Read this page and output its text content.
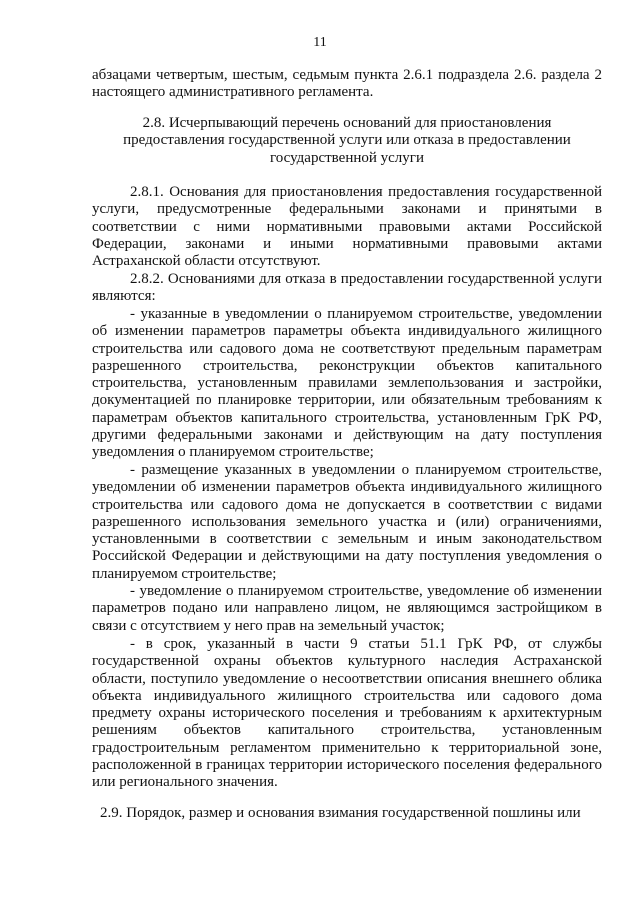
11

абзацами четвертым, шестым, седьмым пункта 2.6.1 подраздела 2.6. раздела 2 настоящего административного регламента.

2.8. Исчерпывающий перечень оснований для приостановления предоставления государственной услуги или отказа в предоставлении государственной услуги

2.8.1. Основания для приостановления предоставления государственной услуги, предусмотренные федеральными законами и принятыми в соответствии с ними нормативными правовыми актами Российской Федерации, законами и иными нормативными правовыми актами Астраханской области отсутствуют.

2.8.2. Основаниями для отказа в предоставлении государственной услуги являются:

- указанные в уведомлении о планируемом строительстве, уведомлении об изменении параметров параметры объекта индивидуального жилищного строительства или садового дома не соответствуют предельным параметрам разрешенного строительства, реконструкции объектов капитального строительства, установленным правилами землепользования и застройки, документацией по планировке территории, или обязательным требованиям к параметрам объектов капитального строительства, установленным ГрК РФ, другими федеральными законами и действующим на дату поступления уведомления о планируемом строительстве;

- размещение указанных в уведомлении о планируемом строительстве, уведомлении об изменении параметров объекта индивидуального жилищного строительства или садового дома не допускается в соответствии с видами разрешенного использования земельного участка и (или) ограничениями, установленными в соответствии с земельным и иным законодательством Российской Федерации и действующими на дату поступления уведомления о планируемом строительстве;

- уведомление о планируемом строительстве, уведомление об изменении параметров подано или направлено лицом, не являющимся застройщиком в связи с отсутствием у него прав на земельный участок;

- в срок, указанный в части 9 статьи 51.1 ГрК РФ, от службы государственной охраны объектов культурного наследия Астраханской области, поступило уведомление о несоответствии описания внешнего облика объекта индивидуального жилищного строительства или садового дома предмету охраны исторического поселения и требованиям к архитектурным решениям объектов капитального строительства, установленным градостроительным регламентом применительно к территориальной зоне, расположенной в границах территории исторического поселения федерального или регионального значения.

2.9. Порядок, размер и основания взимания государственной пошлины или
